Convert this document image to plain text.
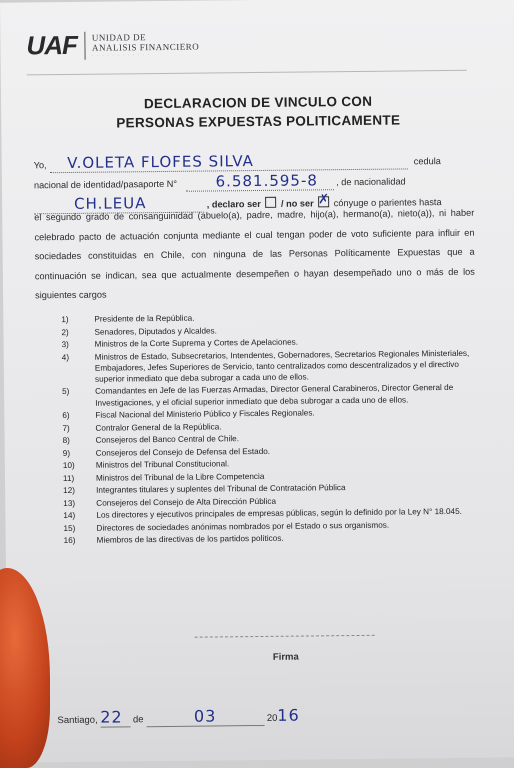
UAF UNIDAD DE
ANALISIS FINANCIERO
· · · · · · · · · · · ·
DECLARACION DE VINCULO CON
PERSONAS EXPUESTAS POLITICAMENTE
Yo, V.OLETA FLOFES SILVA	cedula
nacional de identidad/pasaporte N°	6.581.595-8 , de nacionalidad
CH.LEUA	, declaro ser / no ser ✗ cónyuge o parientes hasta
el segundo grado de consanguinidad (abuelo(a), padre, madre, hijo(a), hermano(a), nieto(a)), ni haber celebrado pacto de actuación conjunta mediante el cual tengan poder de voto suficiente para influir en sociedades constituidas en Chile, con ninguna de las Personas Políticamente Expuestas que a continuación se indican, sea que actualmente desempeñen o hayan desempeñado uno o más de los siguientes cargos
1)	Presidente de la República.
2)	Senadores, Diputados y Alcaldes.
3)	Ministros de la Corte Suprema y Cortes de Apelaciones.
4)	Ministros de Estado, Subsecretarios, Intendentes, Gobernadores, Secretarios Regionales Ministeriales, Embajadores, Jefes Superiores de Servicio, tanto centralizados como descentralizados y el directivo superior inmediato que deba subrogar a cada uno de ellos.
5)	Comandantes en Jefe de las Fuerzas Armadas, Director General Carabineros, Director General de Investigaciones, y el oficial superior inmediato que deba subrogar a cada uno de ellos.
6)	Fiscal Nacional del Ministerio Público y Fiscales Regionales.
7)	Contralor General de la República.
8)	Consejeros del Banco Central de Chile.
9)	Consejeros del Consejo de Defensa del Estado.
10)	Ministros del Tribunal Constitucional.
11)	Ministros del Tribunal de la Libre Competencia
12)	Integrantes titulares y suplentes del Tribunal de Contratación Pública
13)	Consejeros del Consejo de Alta Dirección Pública
14)	Los directores y ejecutivos principales de empresas públicas, según lo definido por la Ley N° 18.045.
15)	Directores de sociedades anónimas nombrados por el Estado o sus organismos.
16)	Miembros de las directivas de los partidos políticos.
Firma
Santiago, 22 de	03	2016
